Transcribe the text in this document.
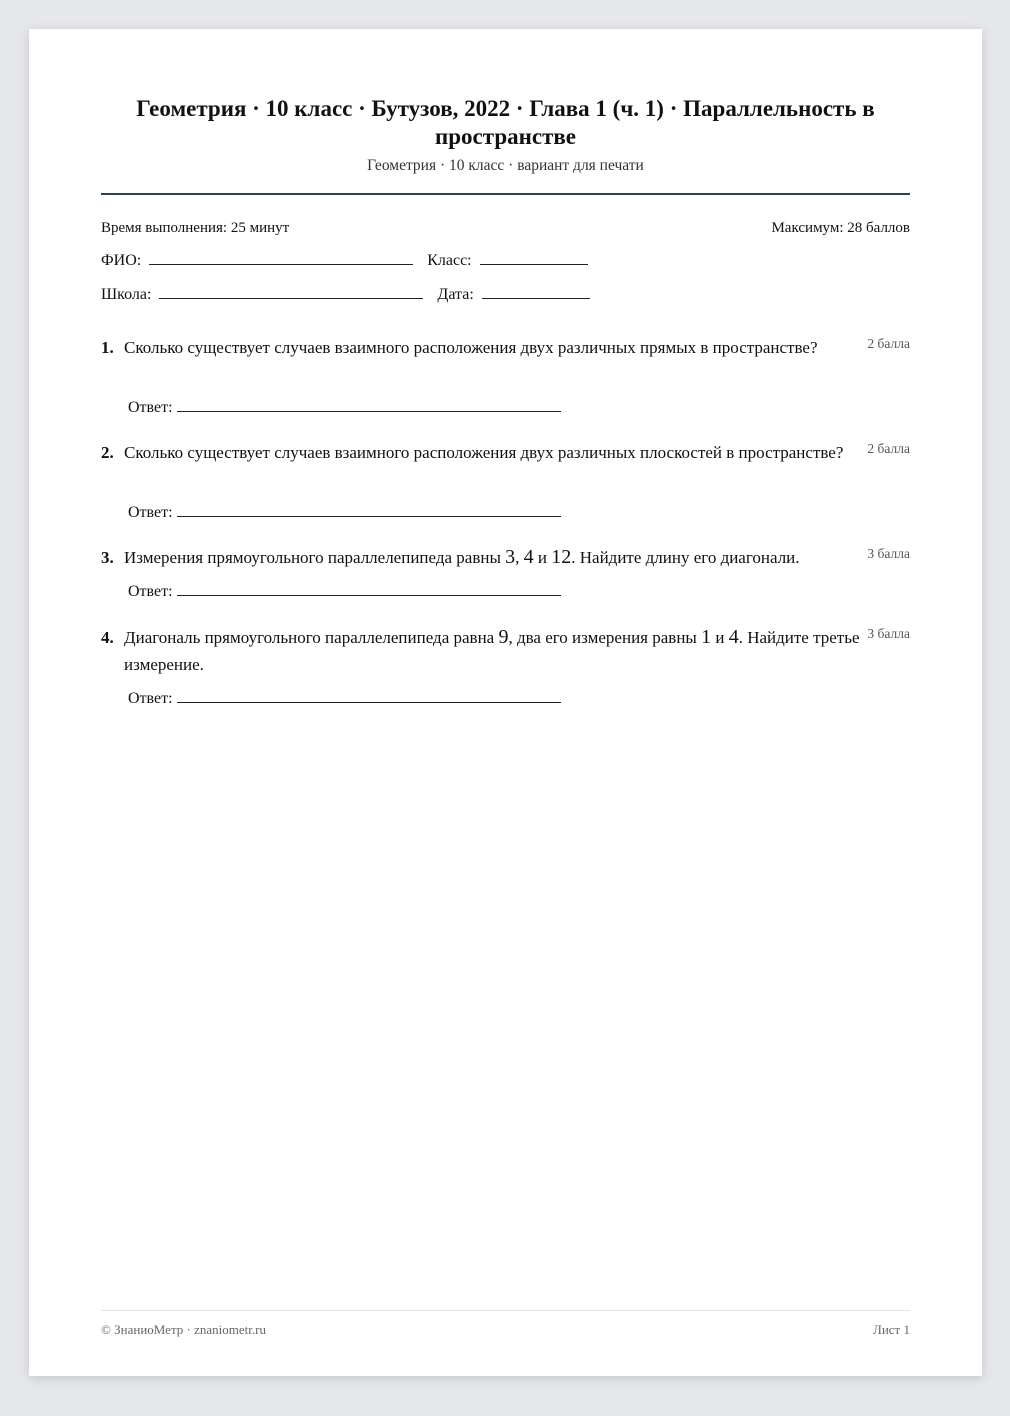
Геометрия · 10 класс · Бутузов, 2022 · Глава 1 (ч. 1) · Параллельность в пространстве
Геометрия · 10 класс · вариант для печати
Время выполнения: 25 минут	Максимум: 28 баллов
ФИО:	Класс:
Школа:	Дата:
1. Сколько существует случаев взаимного расположения двух различных прямых в пространстве?	2 балла
Ответ:
2. Сколько существует случаев взаимного расположения двух различных плоскостей в пространстве?	2 балла
Ответ:
3. Измерения прямоугольного параллелепипеда равны 3, 4 и 12. Найдите длину его диагонали.	3 балла
Ответ:
4. Диагональ прямоугольного параллелепипеда равна 9, два его измерения равны 1 и 4. Найдите третье измерение.
3 балла
Ответ:
© ЗнаниоМетр · znaniometr.ru	Лист 1
